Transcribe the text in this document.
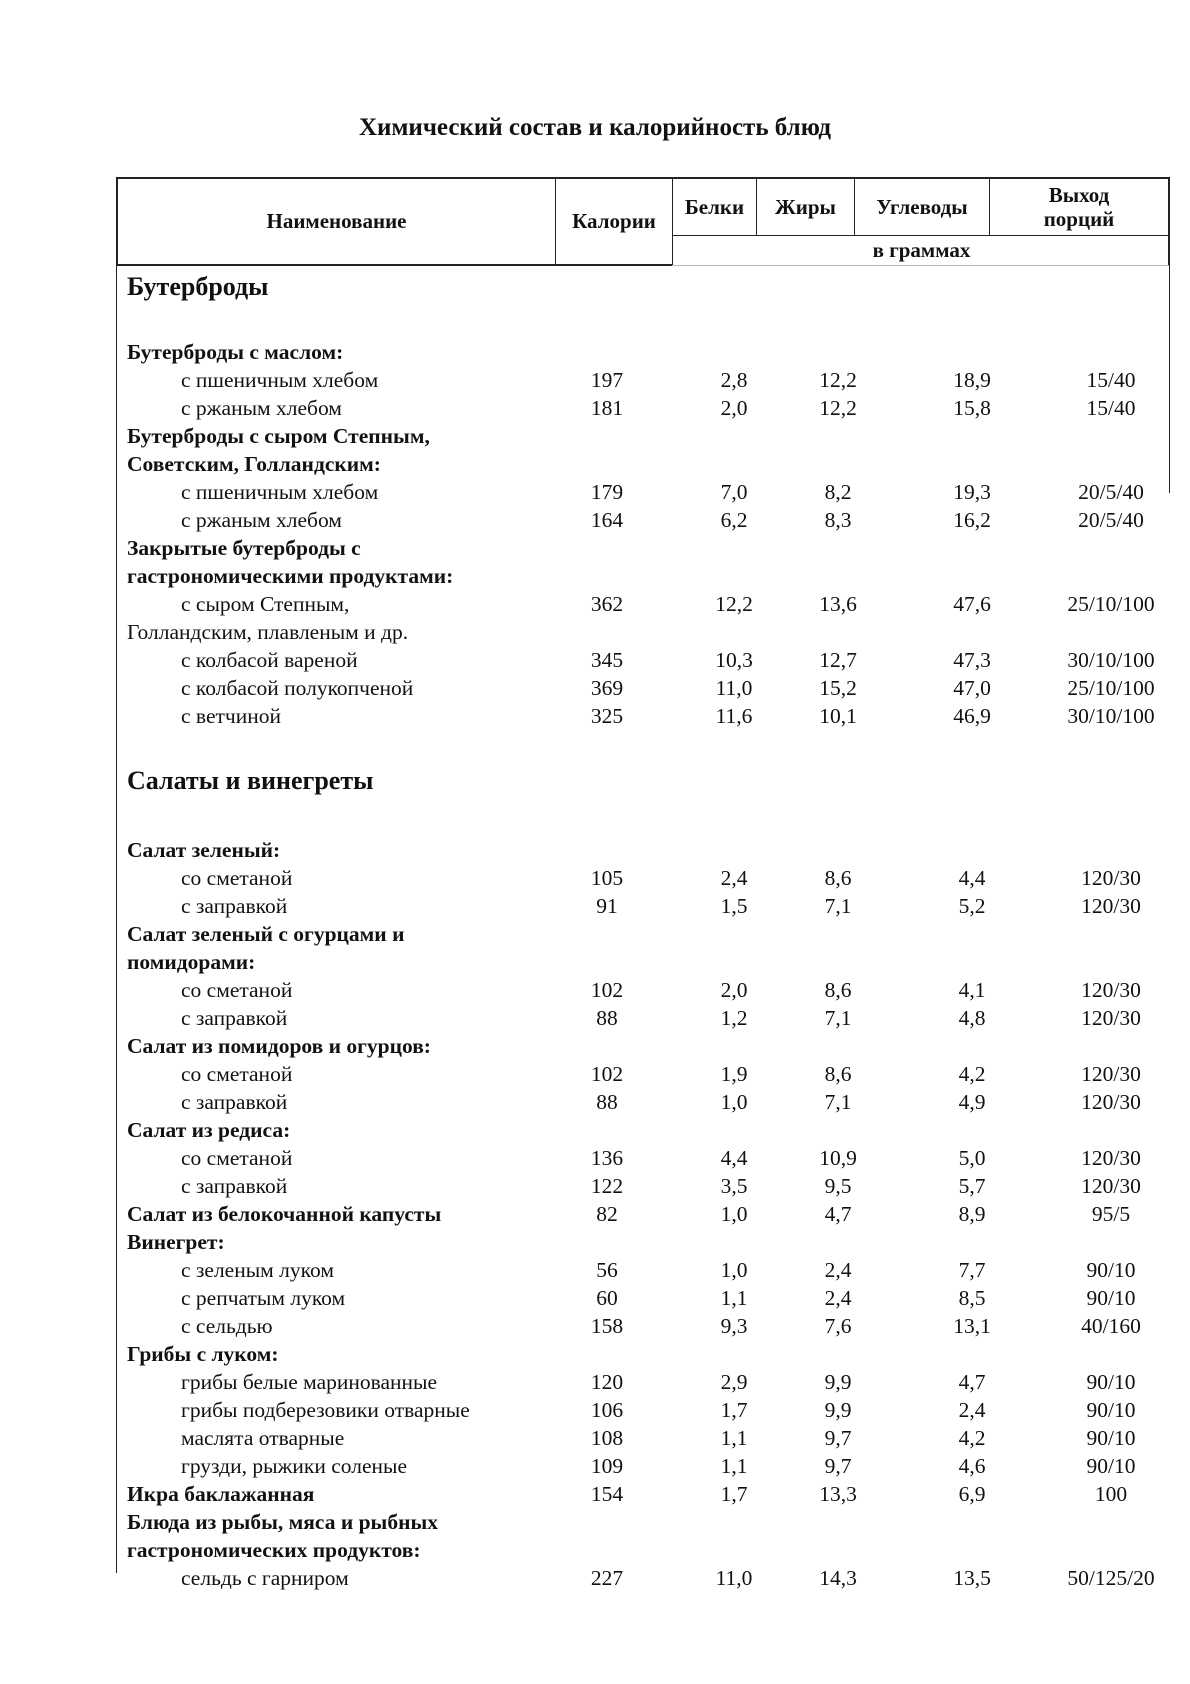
Химический состав и калорийность блюд
Наименование	Калории
Белки	Жиры	Углеводы
Выход
порций
в граммах
Бутерброды
Бутерброды с маслом:
с пшеничным хлебом	197	2,8	12,2	18,9	15/40
с ржаным хлебом	181	2,0	12,2	15,8	15/40
Бутерброды с сыром Степным,
Советским, Голландским:
с пшеничным хлебом	179	7,0	8,2	19,3	20/5/40
с ржаным хлебом	164	6,2	8,3	16,2	20/5/40
Закрытые бутерброды с
гастрономическими продуктами:
с сыром Степным,	362	12,2	13,6	47,6	25/10/100
Голландским, плавленым и др.
с колбасой вареной	345	10,3	12,7	47,3	30/10/100
с колбасой полукопченой	369	11,0	15,2	47,0	25/10/100
с ветчиной	325	11,6	10,1	46,9	30/10/100
Салаты и винегреты
Салат зеленый:
со сметаной	105	2,4	8,6	4,4	120/30
с заправкой	91	1,5	7,1	5,2	120/30
Салат зеленый с огурцами и
помидорами:
со сметаной	102	2,0	8,6	4,1	120/30
с заправкой	88	1,2	7,1	4,8	120/30
Салат из помидоров и огурцов:
со сметаной	102	1,9	8,6	4,2	120/30
с заправкой	88	1,0	7,1	4,9	120/30
Салат из редиса:
со сметаной	136	4,4	10,9	5,0	120/30
с заправкой	122	3,5	9,5	5,7	120/30
Салат из белокочанной капусты	82	1,0	4,7	8,9	95/5
Винегрет:
с зеленым луком	56	1,0	2,4	7,7	90/10
с репчатым луком	60	1,1	2,4	8,5	90/10
с сельдью	158	9,3	7,6	13,1	40/160
Грибы с луком:
грибы белые маринованные	120	2,9	9,9	4,7	90/10
грибы подберезовики отварные	106	1,7	9,9	2,4	90/10
маслята отварные	108	1,1	9,7	4,2	90/10
грузди, рыжики соленые	109	1,1	9,7	4,6	90/10
Икра баклажанная	154	1,7	13,3	6,9	100
Блюда из рыбы, мяса и рыбных
гастрономических продуктов:
сельдь с гарниром	227	11,0	14,3	13,5	50/125/20
